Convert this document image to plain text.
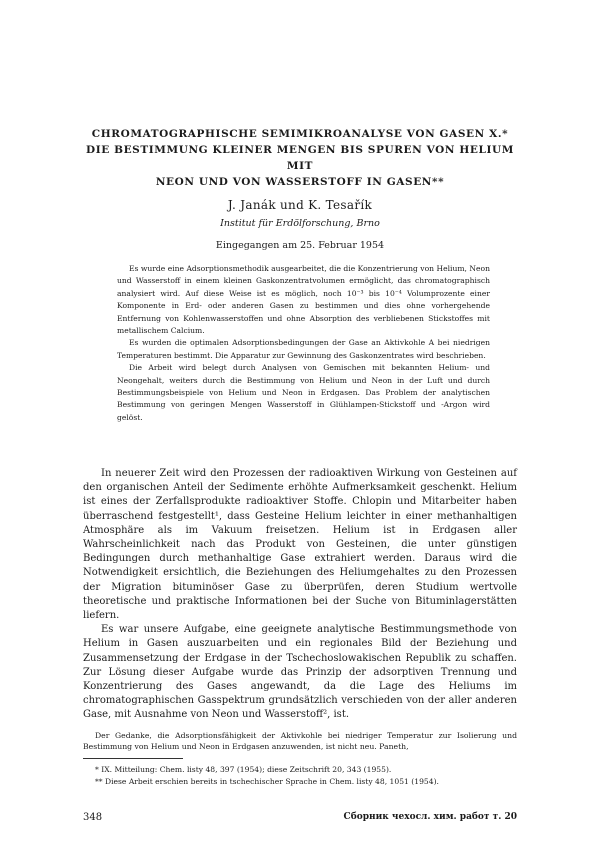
CHROMATOGRAPHISCHE SEMIMIKROANALYSE VON GASEN X.*
DIE BESTIMMUNG KLEINER MENGEN BIS SPUREN VON HELIUM MIT
NEON UND VON WASSERSTOFF IN GASEN**
J. Janák und K. Tesařík
Institut für Erdölforschung, Brno
Eingegangen am 25. Februar 1954

Es wurde eine Adsorptionsmethodik ausgearbeitet, die die Konzentrierung von Helium, Neon und Wasserstoff in einem kleinen Gaskonzentratvolumen ermöglicht, das chromatographisch analysiert wird. Auf diese Weise ist es möglich, noch 10⁻³ bis 10⁻⁴ Volumprozente einer Komponente in Erd- oder anderen Gasen zu bestimmen und dies ohne vorhergehende Entfernung von Kohlenwasserstoffen und ohne Absorption des verbliebenen Stickstoffes mit metallischem Calcium.

Es wurden die optimalen Adsorptionsbedingungen der Gase an Aktivkohle A bei niedrigen Temperaturen bestimmt. Die Apparatur zur Gewinnung des Gaskonzentrates wird beschrieben.

Die Arbeit wird belegt durch Analysen von Gemischen mit bekannten Helium- und Neongehalt, weiters durch die Bestimmung von Helium und Neon in der Luft und durch Bestimmungsbeispiele von Helium und Neon in Erdgasen. Das Problem der analytischen Bestimmung von geringen Mengen Wasserstoff in Glühlampen-Stickstoff und -Argon wird gelöst.

In neuerer Zeit wird den Prozessen der radioaktiven Wirkung von Gesteinen auf den organischen Anteil der Sedimente erhöhte Aufmerksamkeit geschenkt. Helium ist eines der Zerfallsprodukte radioaktiver Stoffe. Chlopin und Mitarbeiter haben überraschend festgestellt¹, dass Gesteine Helium leichter in einer methanhaltigen Atmosphäre als im Vakuum freisetzen. Helium ist in Erdgasen aller Wahrscheinlichkeit nach das Produkt von Gesteinen, die unter günstigen Bedingungen durch methanhaltige Gase extrahiert werden. Daraus wird die Notwendigkeit ersichtlich, die Beziehungen des Heliumgehaltes zu den Prozessen der Migration bituminöser Gase zu überprüfen, deren Studium wertvolle theoretische und praktische Informationen bei der Suche von Bituminlagerstätten liefern.

Es war unsere Aufgabe, eine geeignete analytische Bestimmungsmethode von Helium in Gasen auszuarbeiten und ein regionales Bild der Beziehung und Zusammensetzung der Erdgase in der Tschechoslowakischen Republik zu schaffen. Zur Lösung dieser Aufgabe wurde das Prinzip der adsorptiven Trennung und Konzentrierung des Gases angewandt, da die Lage des Heliums im chromatographischen Gasspektrum grundsätzlich verschieden von der aller anderen Gase, mit Ausnahme von Neon und Wasserstoff², ist.

Der Gedanke, die Adsorptionsfähigkeit der Aktivkohle bei niedriger Temperatur zur Isolierung und Bestimmung von Helium und Neon in Erdgasen anzuwenden, ist nicht neu. Paneth,

* IX. Mitteilung: Chem. listy 48, 397 (1954); diese Zeitschrift 20, 343 (1955).
** Diese Arbeit erschien bereits in tschechischer Sprache in Chem. listy 48, 1051 (1954).
348	Сборник чехосл. хим. работ т. 20
